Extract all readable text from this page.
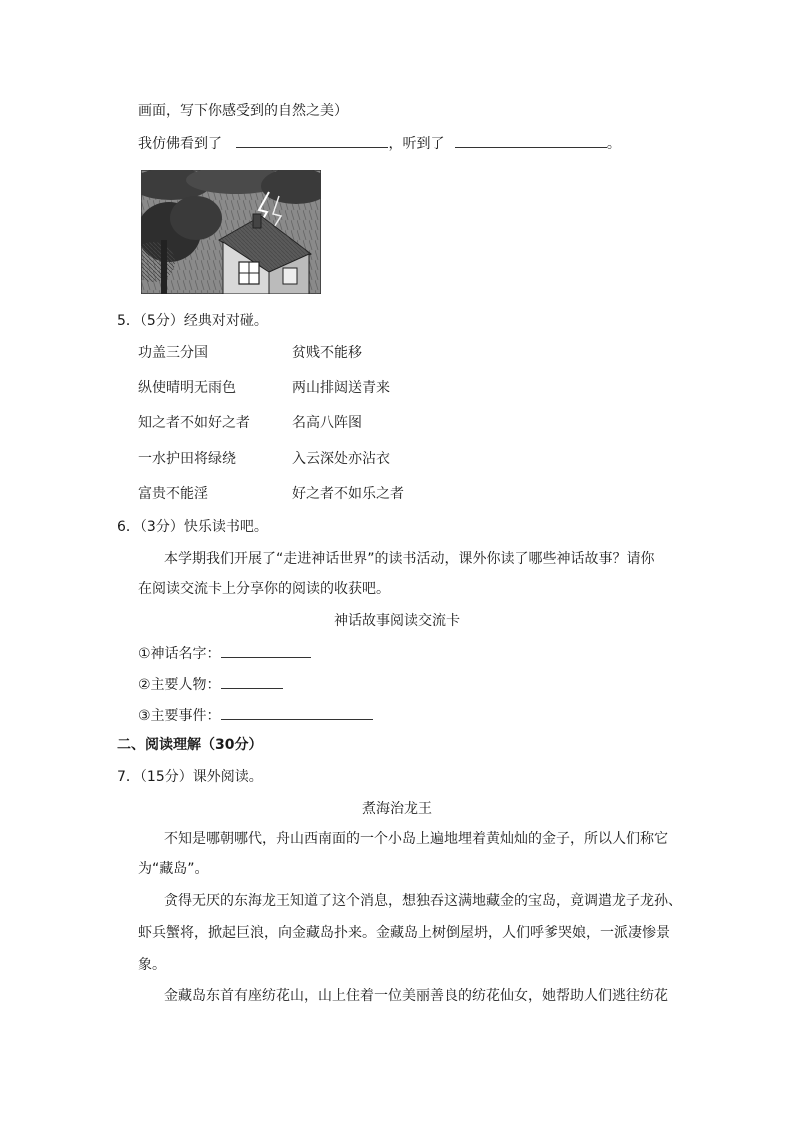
画面，写下你感受到的自然之美）
我仿佛看到了	，听到了	。
5．（5分）经典对对碰。
功盖三分国	贫贱不能移
纵使晴明无雨色	两山排闼送青来
知之者不如好之者	名高八阵图
一水护田将绿绕	入云深处亦沾衣
富贵不能淫	好之者不如乐之者
6．（3分）快乐读书吧。
本学期我们开展了“走进神话世界”的读书活动，课外你读了哪些神话故事？请你
在阅读交流卡上分享你的阅读的收获吧。
神话故事阅读交流卡
①神话名字：
②主要人物：
③主要事件：
二、阅读理解（30分）
7．（15分）课外阅读。
煮海治龙王
不知是哪朝哪代，舟山西南面的一个小岛上遍地埋着黄灿灿的金子，所以人们称它
为“藏岛”。
贪得无厌的东海龙王知道了这个消息，想独吞这满地藏金的宝岛，竟调遣龙子龙孙、
虾兵蟹将，掀起巨浪，向金藏岛扑来。金藏岛上树倒屋坍，人们呼爹哭娘，一派凄惨景
象。
金藏岛东首有座纺花山，山上住着一位美丽善良的纺花仙女，她帮助人们逃往纺花
